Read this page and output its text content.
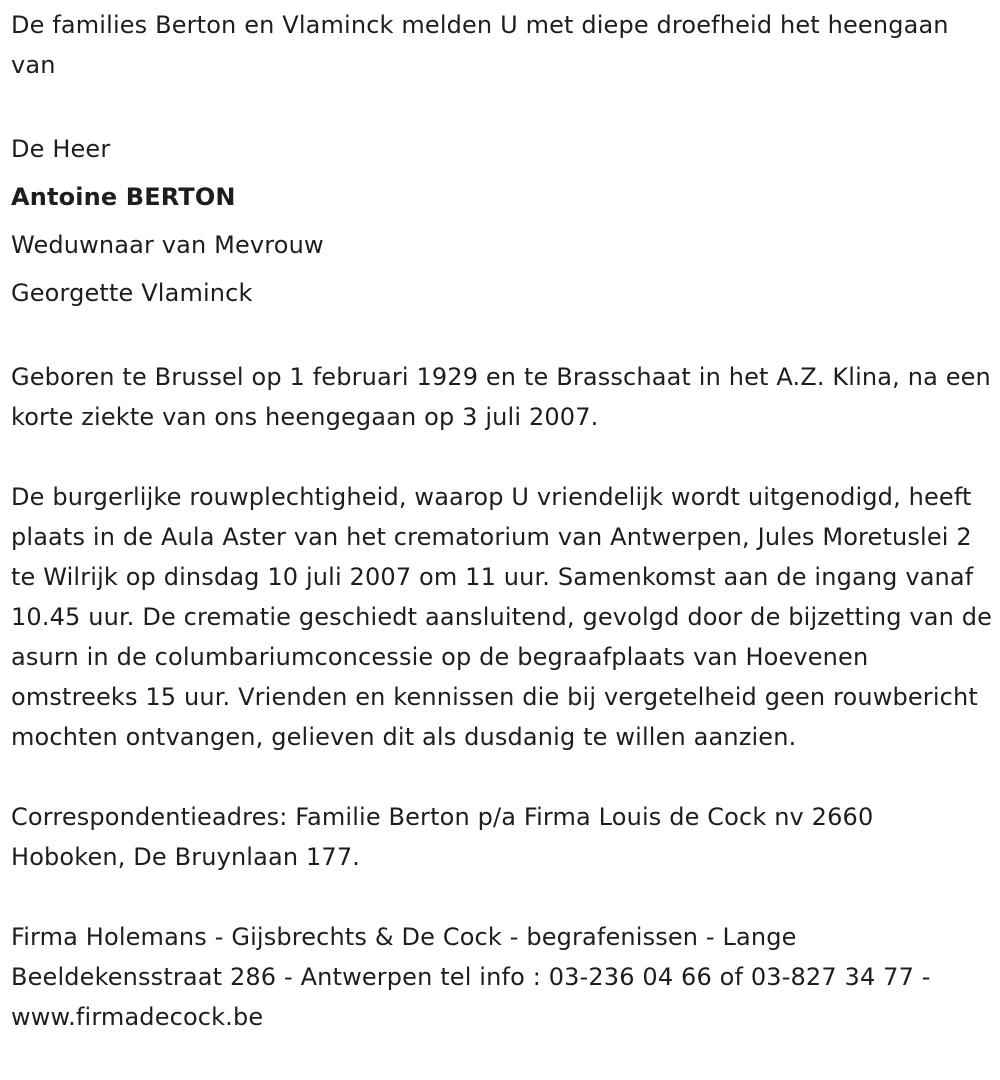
De families Berton en Vlaminck melden U met diepe droefheid het heengaan van

De Heer

Antoine BERTON

Weduwnaar van Mevrouw

Georgette Vlaminck

Geboren te Brussel op 1 februari 1929 en te Brasschaat in het A.Z. Klina, na een korte ziekte van ons heengegaan op 3 juli 2007.

De burgerlijke rouwplechtigheid, waarop U vriendelijk wordt uitgenodigd, heeft plaats in de Aula Aster van het crematorium van Antwerpen, Jules Moretuslei 2 te Wilrijk op dinsdag 10 juli 2007 om 11 uur. Samenkomst aan de ingang vanaf 10.45 uur. De crematie geschiedt aansluitend, gevolgd door de bijzetting van de asurn in de columbariumconcessie op de begraafplaats van Hoevenen omstreeks 15 uur. Vrienden en kennissen die bij vergetelheid geen rouwbericht mochten ontvangen, gelieven dit als dusdanig te willen aanzien.

Correspondentieadres: Familie Berton p/a Firma Louis de Cock nv 2660 Hoboken, De Bruynlaan 177.

Firma Holemans - Gijsbrechts & De Cock - begrafenissen - Lange Beeldekensstraat 286 - Antwerpen tel info : 03-236 04 66 of 03-827 34 77 - www.firmadecock.be
